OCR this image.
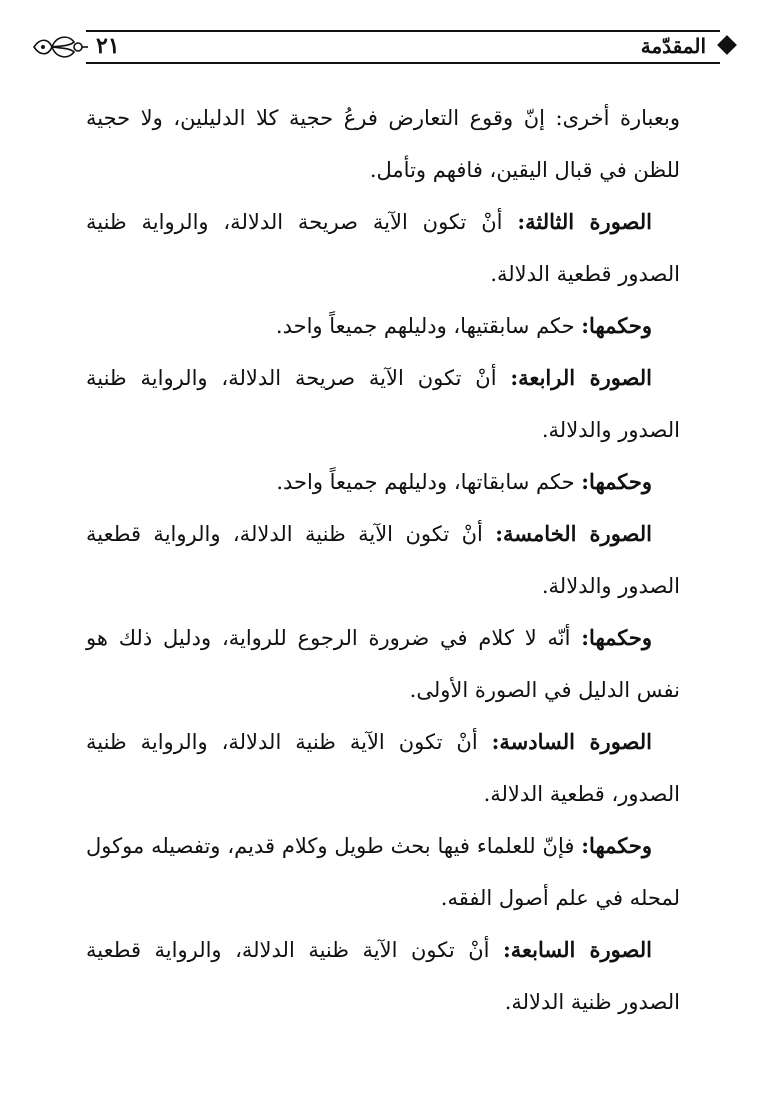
المقدّمة
٢١

وبعبارة أخرى: إنّ وقوع التعارض فرعُ حجية كلا الدليلين، ولا حجية للظن في قبال اليقين، فافهم وتأمل.

الصورة الثالثة: أنْ تكون الآية صريحة الدلالة، والرواية ظنية الصدور قطعية الدلالة.

وحكمها: حكم سابقتيها، ودليلهم جميعاً واحد.

الصورة الرابعة: أنْ تكون الآية صريحة الدلالة، والرواية ظنية الصدور والدلالة.

وحكمها: حكم سابقاتها، ودليلهم جميعاً واحد.

الصورة الخامسة: أنْ تكون الآية ظنية الدلالة، والرواية قطعية الصدور والدلالة.

وحكمها: أنّه لا كلام في ضرورة الرجوع للرواية، ودليل ذلك هو نفس الدليل في الصورة الأولى.

الصورة السادسة: أنْ تكون الآية ظنية الدلالة، والرواية ظنية الصدور، قطعية الدلالة.

وحكمها: فإنّ للعلماء فيها بحث طويل وكلام قديم، وتفصيله موكول لمحله في علم أصول الفقه.

الصورة السابعة: أنْ تكون الآية ظنية الدلالة، والرواية قطعية الصدور ظنية الدلالة.
